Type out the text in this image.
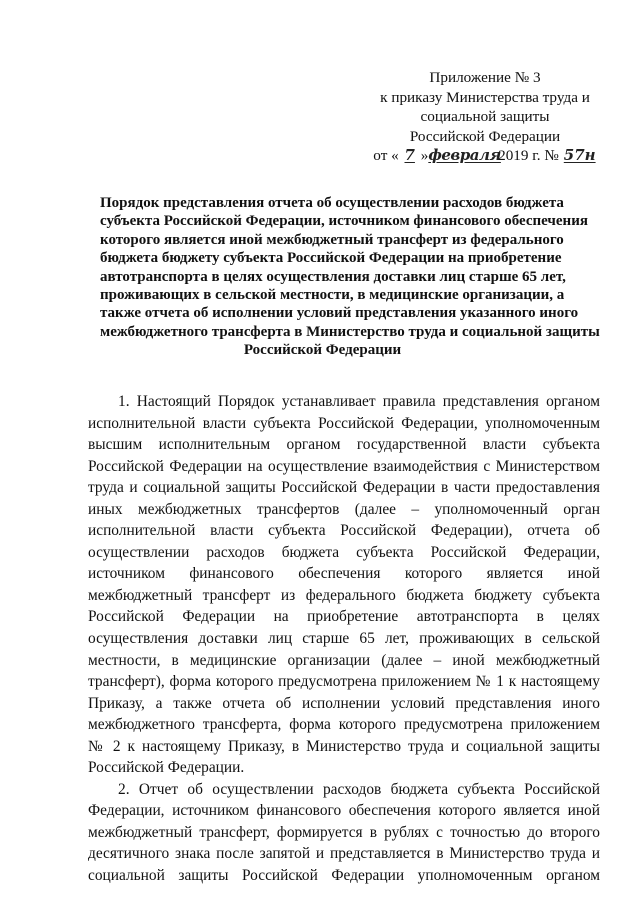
Приложение № 3
к приказу Министерства труда и
социальной защиты
Российской Федерации
от « 7 »февраля 2019 г. № 57н
Порядок представления отчета об осуществлении расходов бюджета
субъекта Российской Федерации, источником финансового обеспечения
которого является иной межбюджетный трансферт из федерального
бюджета бюджету субъекта Российской Федерации на приобретение
автотранспорта в целях осуществления доставки лиц старше 65 лет,
проживающих в сельской местности, в медицинские организации, а
также отчета об исполнении условий представления указанного иного
межбюджетного трансферта в Министерство труда и социальной защиты
Российской Федерации
1. Настоящий Порядок устанавливает правила представления органом
исполнительной власти субъекта Российской Федерации, уполномоченным
высшим исполнительным органом государственной власти субъекта
Российской Федерации на осуществление взаимодействия с Министерством
труда и социальной защиты Российской Федерации в части предоставления
иных межбюджетных трансфертов (далее – уполномоченный орган
исполнительной власти субъекта Российской Федерации), отчета об
осуществлении расходов бюджета субъекта Российской Федерации,
источником финансового обеспечения которого является иной
межбюджетный трансферт из федерального бюджета бюджету субъекта
Российской Федерации на приобретение автотранспорта в целях
осуществления доставки лиц старше 65 лет, проживающих в сельской
местности, в медицинские организации (далее – иной межбюджетный
трансферт), форма которого предусмотрена приложением № 1 к настоящему
Приказу, а также отчета об исполнении условий представления иного
межбюджетного трансферта, форма которого предусмотрена приложением
№ 2 к настоящему Приказу, в Министерство труда и социальной защиты
Российской Федерации.
2. Отчет об осуществлении расходов бюджета субъекта Российской
Федерации, источником финансового обеспечения которого является иной
межбюджетный трансферт, формируется в рублях с точностью до второго
десятичного знака после запятой и представляется в Министерство труда и
социальной защиты Российской Федерации уполномоченным органом
